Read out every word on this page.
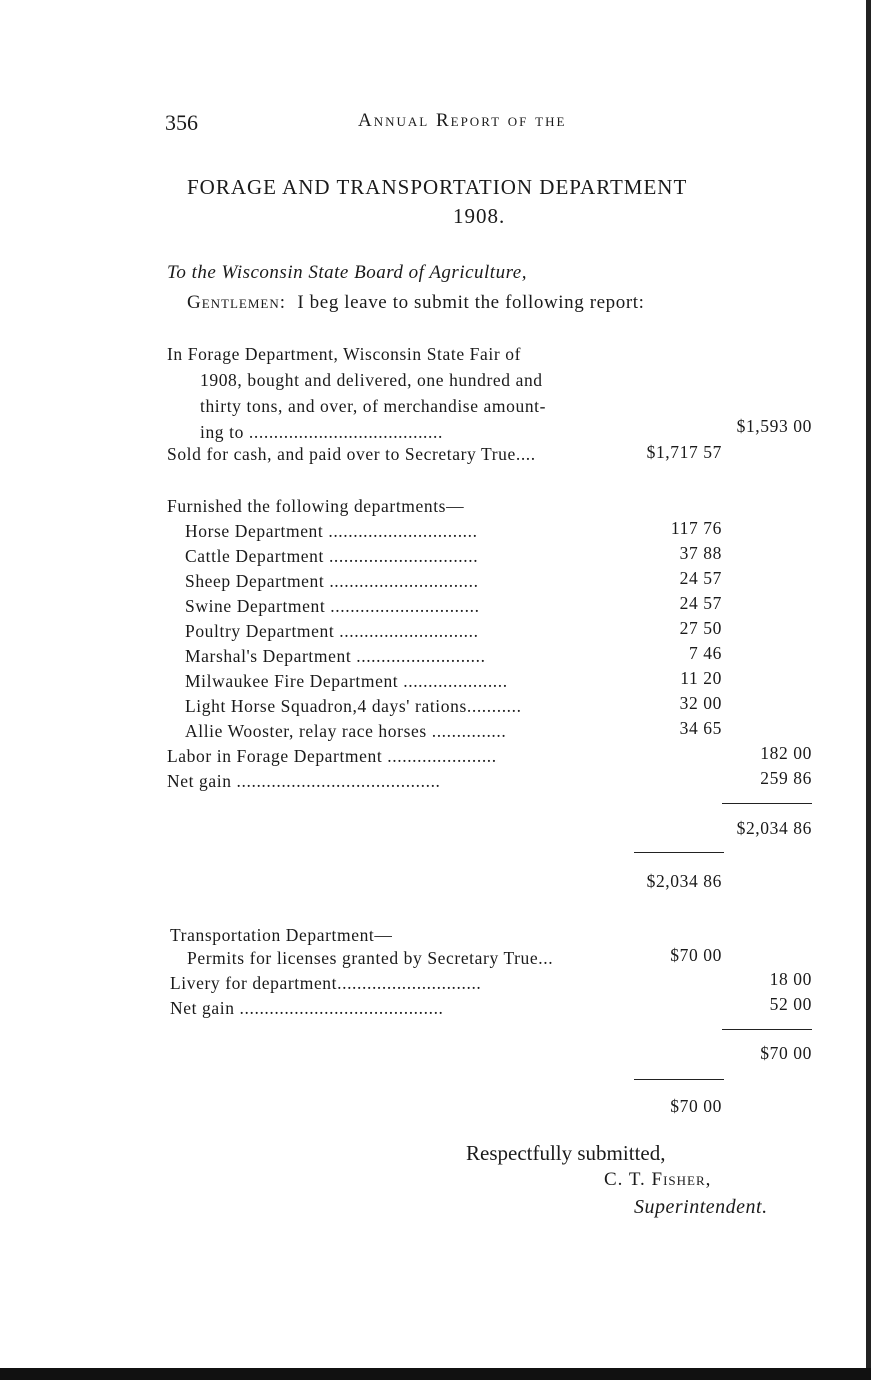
356	Annual Report of the
FORAGE AND TRANSPORTATION DEPARTMENT
1908.
To the Wisconsin State Board of Agriculture,
Gentlemen: I beg leave to submit the following report:
In Forage Department, Wisconsin State Fair of
1908, bought and delivered, one hundred and
thirty tons, and over, of merchandise amount-
ing to .......................................	$1,593 00
Sold for cash, and paid over to Secretary True....	$1,717 57
Furnished the following departments—
Horse Department ..............................	117 76
Cattle Department ..............................	37 88
Sheep Department ..............................	24 57
Swine Department ..............................	24 57
Poultry Department ............................	27 50
Marshal's Department ..........................	7 46
Milwaukee Fire Department .....................	11 20
Light Horse Squadron,4 days' rations...........	32 00
Allie Wooster, relay race horses ...............	34 65
Labor in Forage Department ......................	182 00
Net gain .........................................	259 86
$2,034 86
$2,034 86
Transportation Department—
Permits for licenses granted by Secretary True...	$70 00
Livery for department.............................	18 00
Net gain .........................................	52 00
$70 00
$70 00
Respectfully submitted,
C. T. Fisher,
Superintendent.
